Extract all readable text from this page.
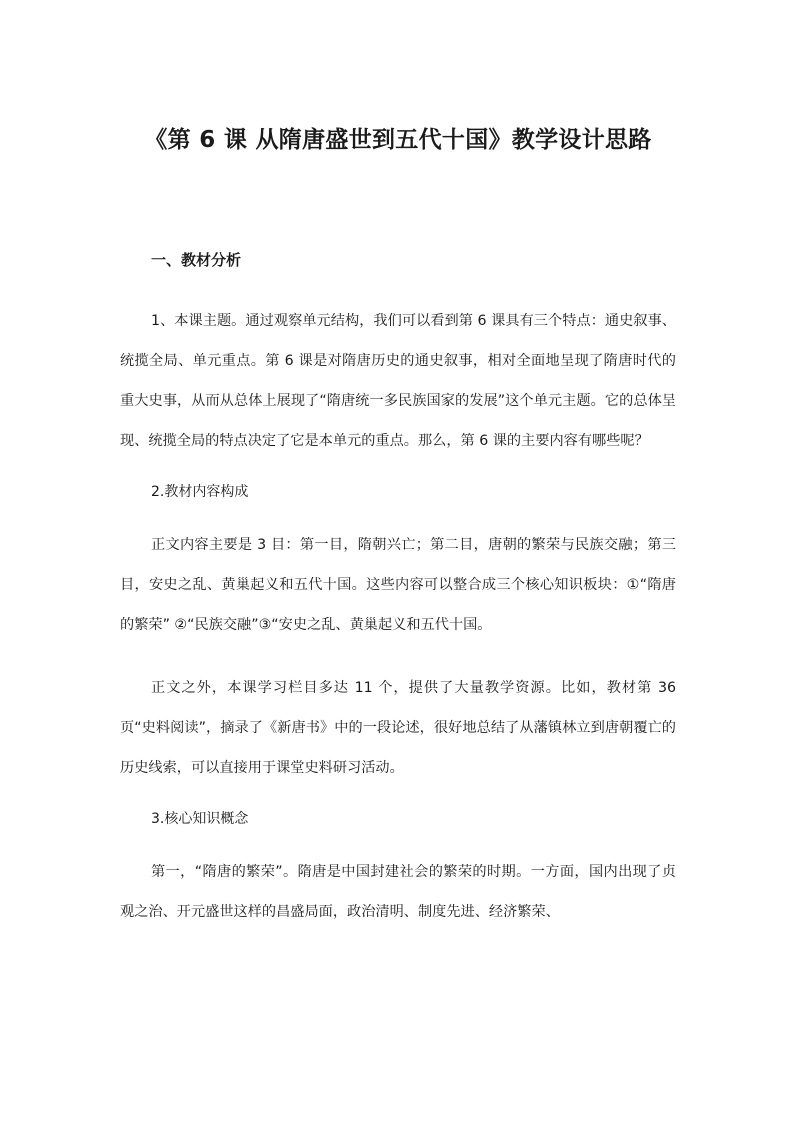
《第 6 课 从隋唐盛世到五代十国》教学设计思路
一、教材分析

1、本课主题。通过观察单元结构，我们可以看到第 6 课具有三个特点：通史叙事、统揽全局、单元重点。第 6 课是对隋唐历史的通史叙事，相对全面地呈现了隋唐时代的重大史事，从而从总体上展现了“隋唐统一多民族国家的发展”这个单元主题。它的总体呈现、统揽全局的特点决定了它是本单元的重点。那么，第 6 课的主要内容有哪些呢？

2.教材内容构成

正文内容主要是 3 目：第一目，隋朝兴亡；第二目，唐朝的繁荣与民族交融；第三目，安史之乱、黄巢起义和五代十国。这些内容可以整合成三个核心知识板块：①“隋唐的繁荣” ②“民族交融”③“安史之乱、黄巢起义和五代十国。

正文之外，本课学习栏目多达 11 个，提供了大量教学资源。比如，教材第 36 页“史料阅读”，摘录了《新唐书》中的一段论述，很好地总结了从藩镇林立到唐朝覆亡的历史线索，可以直接用于课堂史料研习活动。

3.核心知识概念

第一，“隋唐的繁荣”。隋唐是中国封建社会的繁荣的时期。一方面，国内出现了贞观之治、开元盛世这样的昌盛局面，政治清明、制度先进、经济繁荣、
